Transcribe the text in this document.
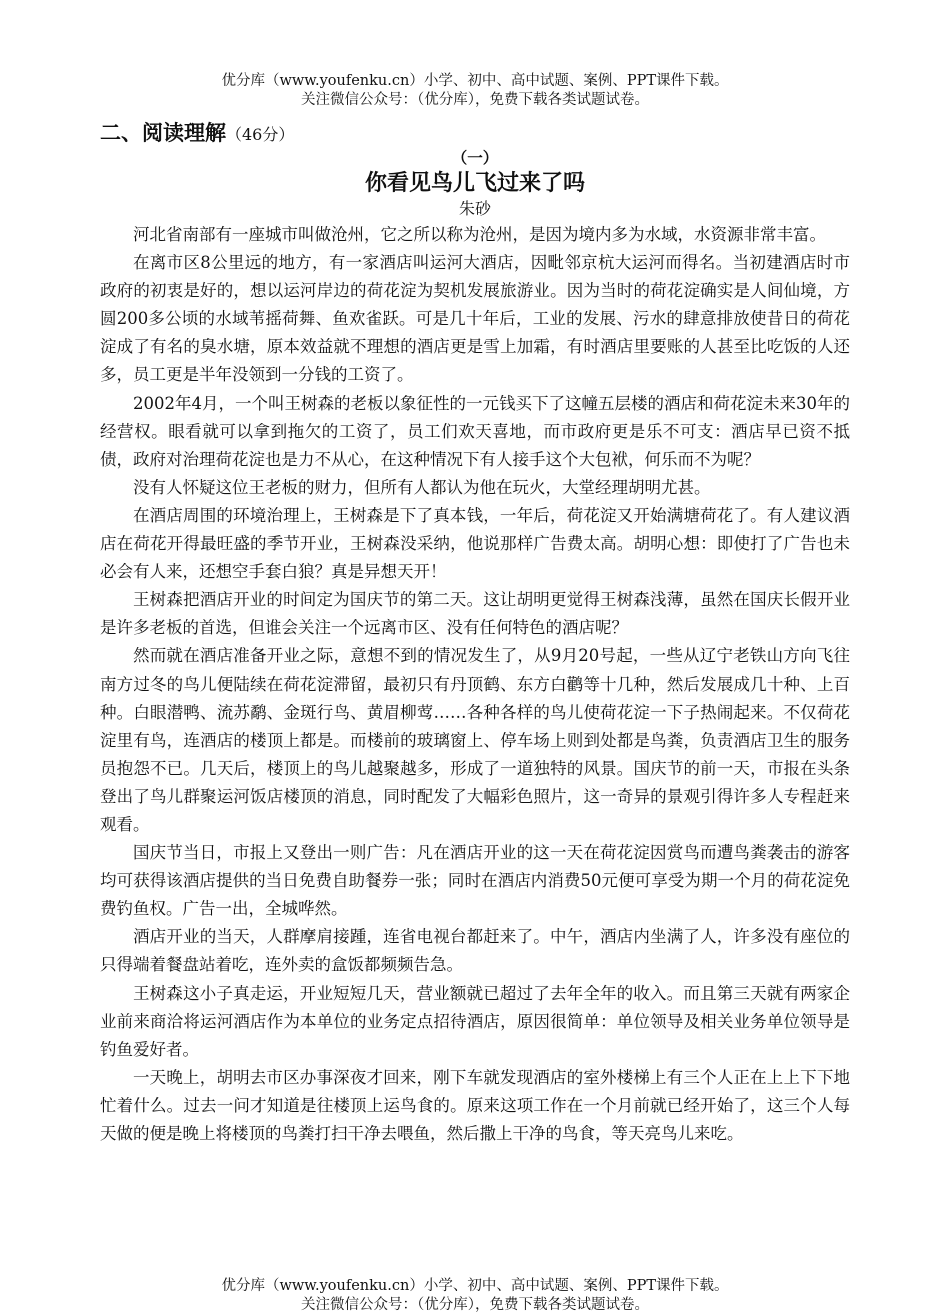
优分库（www.youfenku.cn）小学、初中、高中试题、案例、PPT课件下载。
关注微信公众号：（优分库），免费下载各类试题试卷。
二、阅读理解（46分）
（一）
你看见鸟儿飞过来了吗
朱砂

河北省南部有一座城市叫做沧州，它之所以称为沧州，是因为境内多为水域，水资源非常丰富。

在离市区8公里远的地方，有一家酒店叫运河大酒店，因毗邻京杭大运河而得名。当初建酒店时市政府的初衷是好的，想以运河岸边的荷花淀为契机发展旅游业。因为当时的荷花淀确实是人间仙境，方圆200多公顷的水域苇摇荷舞、鱼欢雀跃。可是几十年后，工业的发展、污水的肆意排放使昔日的荷花淀成了有名的臭水塘，原本效益就不理想的酒店更是雪上加霜，有时酒店里要账的人甚至比吃饭的人还多，员工更是半年没领到一分钱的工资了。

2002年4月，一个叫王树森的老板以象征性的一元钱买下了这幢五层楼的酒店和荷花淀未来30年的经营权。眼看就可以拿到拖欠的工资了，员工们欢天喜地，而市政府更是乐不可支：酒店早已资不抵债，政府对治理荷花淀也是力不从心，在这种情况下有人接手这个大包袱，何乐而不为呢？

没有人怀疑这位王老板的财力，但所有人都认为他在玩火，大堂经理胡明尤甚。

在酒店周围的环境治理上，王树森是下了真本钱，一年后，荷花淀又开始满塘荷花了。有人建议酒店在荷花开得最旺盛的季节开业，王树森没采纳，他说那样广告费太高。胡明心想：即使打了广告也未必会有人来，还想空手套白狼？真是异想天开！

王树森把酒店开业的时间定为国庆节的第二天。这让胡明更觉得王树森浅薄，虽然在国庆长假开业是许多老板的首选，但谁会关注一个远离市区、没有任何特色的酒店呢？

然而就在酒店准备开业之际，意想不到的情况发生了，从9月20号起，一些从辽宁老铁山方向飞往南方过冬的鸟儿便陆续在荷花淀滞留，最初只有丹顶鹤、东方白鹳等十几种，然后发展成几十种、上百种。白眼潜鸭、流苏鹬、金斑行鸟、黄眉柳莺……各种各样的鸟儿使荷花淀一下子热闹起来。不仅荷花淀里有鸟，连酒店的楼顶上都是。而楼前的玻璃窗上、停车场上则到处都是鸟粪，负责酒店卫生的服务员抱怨不已。几天后，楼顶上的鸟儿越聚越多，形成了一道独特的风景。国庆节的前一天，市报在头条登出了鸟儿群聚运河饭店楼顶的消息，同时配发了大幅彩色照片，这一奇异的景观引得许多人专程赶来观看。

国庆节当日，市报上又登出一则广告：凡在酒店开业的这一天在荷花淀因赏鸟而遭鸟粪袭击的游客均可获得该酒店提供的当日免费自助餐券一张；同时在酒店内消费50元便可享受为期一个月的荷花淀免费钓鱼权。广告一出，全城哗然。

酒店开业的当天，人群摩肩接踵，连省电视台都赶来了。中午，酒店内坐满了人，许多没有座位的只得端着餐盘站着吃，连外卖的盒饭都频频告急。

王树森这小子真走运，开业短短几天，营业额就已超过了去年全年的收入。而且第三天就有两家企业前来商洽将运河酒店作为本单位的业务定点招待酒店，原因很简单：单位领导及相关业务单位领导是钓鱼爱好者。

一天晚上，胡明去市区办事深夜才回来，刚下车就发现酒店的室外楼梯上有三个人正在上上下下地忙着什么。过去一问才知道是往楼顶上运鸟食的。原来这项工作在一个月前就已经开始了，这三个人每天做的便是晚上将楼顶的鸟粪打扫干净去喂鱼，然后撒上干净的鸟食，等天亮鸟儿来吃。

优分库（www.youfenku.cn）小学、初中、高中试题、案例、PPT课件下载。
关注微信公众号：（优分库），免费下载各类试题试卷。
